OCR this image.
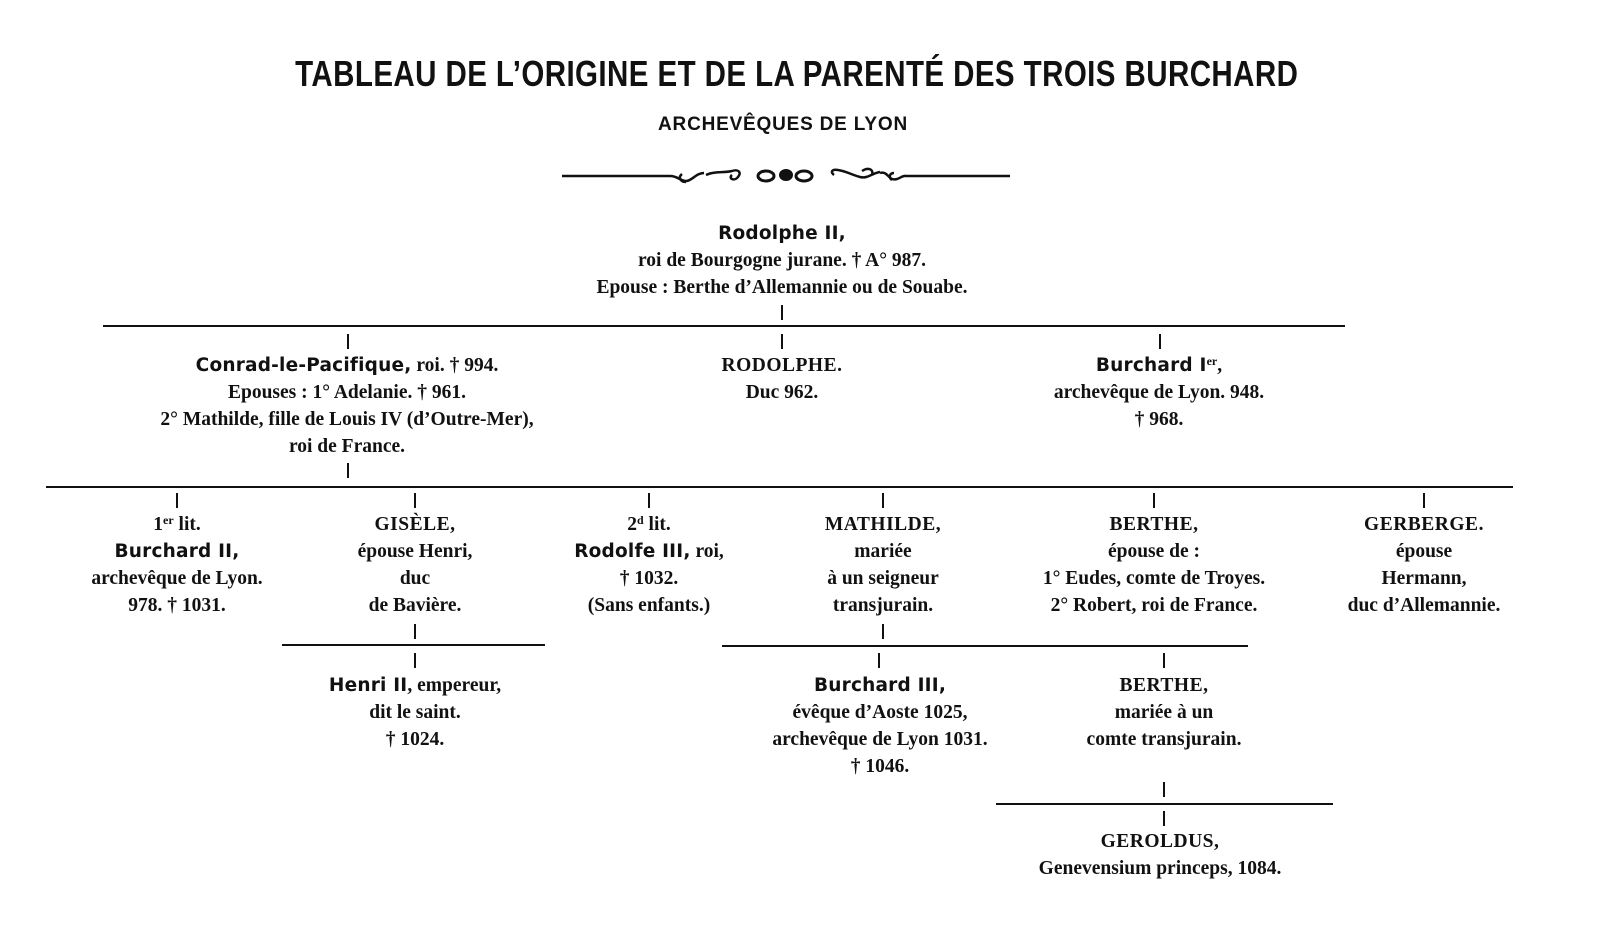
TABLEAU DE L’ORIGINE ET DE LA PARENTÉ DES TROIS BURCHARD
ARCHEVÊQUES DE LYON
Rodolphe II,
roi de Bourgogne jurane. † A° 987.
Epouse : Berthe d’Allemannie ou de Souabe.
Conrad-le-Pacifique, roi. † 994.
Epouses : 1° Adelanie. † 961.
2° Mathilde, fille de Louis IV (d’Outre-Mer),
roi de France.
RODOLPHE.
Duc 962.
Burchard Ier,
archevêque de Lyon. 948.
† 968.
1er lit.
Burchard II,
archevêque de Lyon.
978. † 1031.
GISÈLE,
épouse Henri,
duc
de Bavière.
2$^d$ lit.
Rodolfe III, roi,
† 1032.
(Sans enfants.)
MATHILDE,
mariée
à un seigneur
transjurain.
BERTHE,
épouse de :
1° Eudes, comte de Troyes.
2° Robert, roi de France.
GERBERGE.
épouse
Hermann,
duc d’Allemannie.
Henri II, empereur,
dit le saint.
† 1024.
Burchard III,
évêque d’Aoste 1025,
archevêque de Lyon 1031.
† 1046.
BERTHE,
mariée à un
comte transjurain.
GEROLDUS,
Genevensium princeps, 1084.
